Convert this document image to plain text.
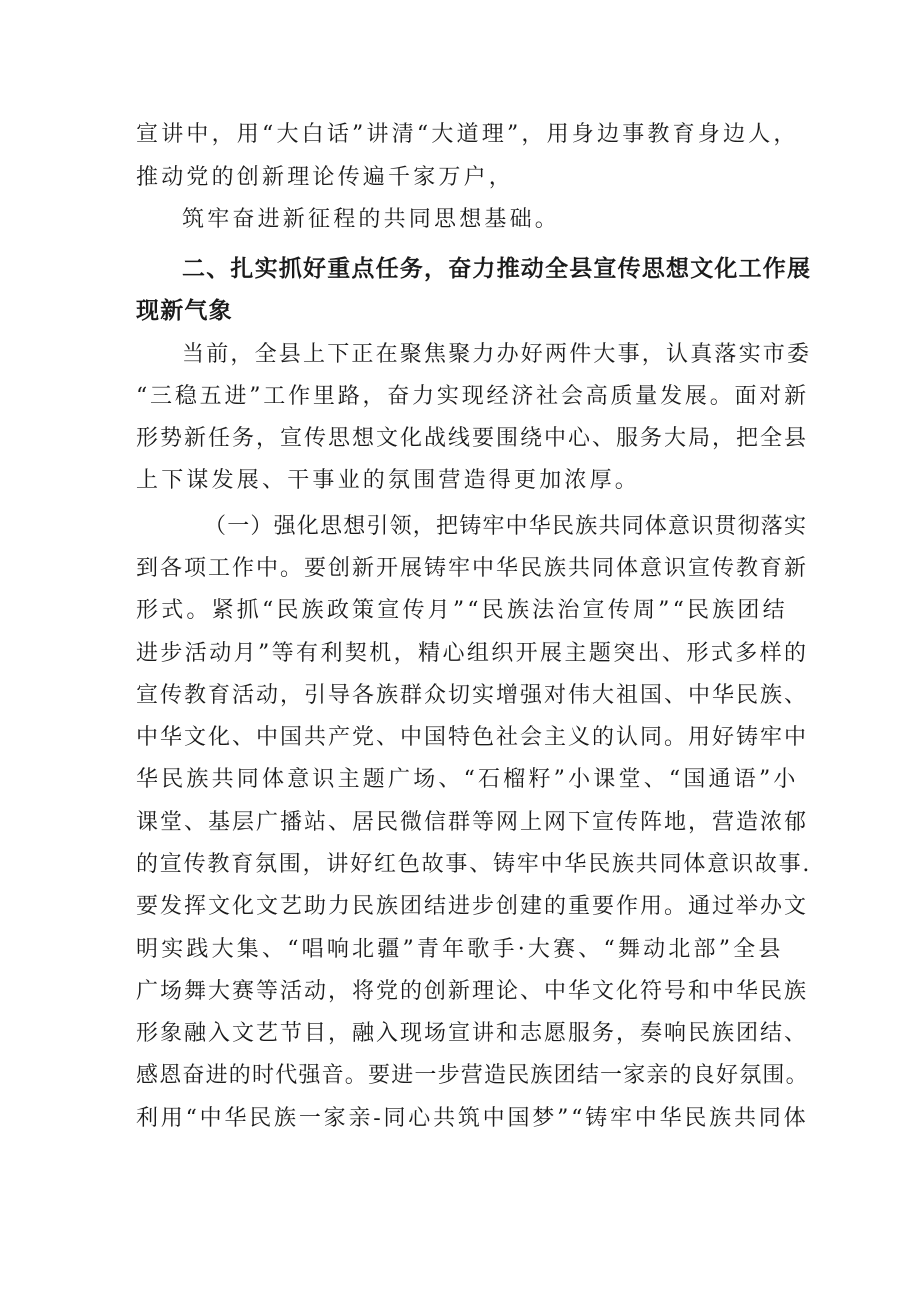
宣讲中，用“大白话”讲清“大道理”，用身边事教育身边人，
推动党的创新理论传遍千家万户，
筑牢奋进新征程的共同思想基础。
二、扎实抓好重点任务，奋力推动全县宣传思想文化工作展
现新气象
当前，全县上下正在聚焦聚力办好两件大事，认真落实市委
“三稳五进”工作里路，奋力实现经济社会高质量发展。面对新
形势新任务，宣传思想文化战线要围绕中心、服务大局，把全县
上下谋发展、干事业的氛围营造得更加浓厚。
（一）强化思想引领，把铸牢中华民族共同体意识贯彻落实
到各项工作中。要创新开展铸牢中华民族共同体意识宣传教育新
形式。紧抓“民族政策宣传月”“民族法治宣传周”“民族团结
进步活动月”等有利契机，精心组织开展主题突出、形式多样的
宣传教育活动，引导各族群众切实增强对伟大祖国、中华民族、
中华文化、中国共产党、中国特色社会主义的认同。用好铸牢中
华民族共同体意识主题广场、“石榴籽”小课堂、“国通语”小
课堂、基层广播站、居民微信群等网上网下宣传阵地，营造浓郁
的宣传教育氛围，讲好红色故事、铸牢中华民族共同体意识故事.
要发挥文化文艺助力民族团结进步创建的重要作用。通过举办文
明实践大集、“唱响北疆”青年歌手·大赛、“舞动北部”全县
广场舞大赛等活动，将党的创新理论、中华文化符号和中华民族
形象融入文艺节目，融入现场宣讲和志愿服务，奏响民族团结、
感恩奋进的时代强音。要进一步营造民族团结一家亲的良好氛围。
利用“中华民族一家亲-同心共筑中国梦”“铸牢中华民族共同体
